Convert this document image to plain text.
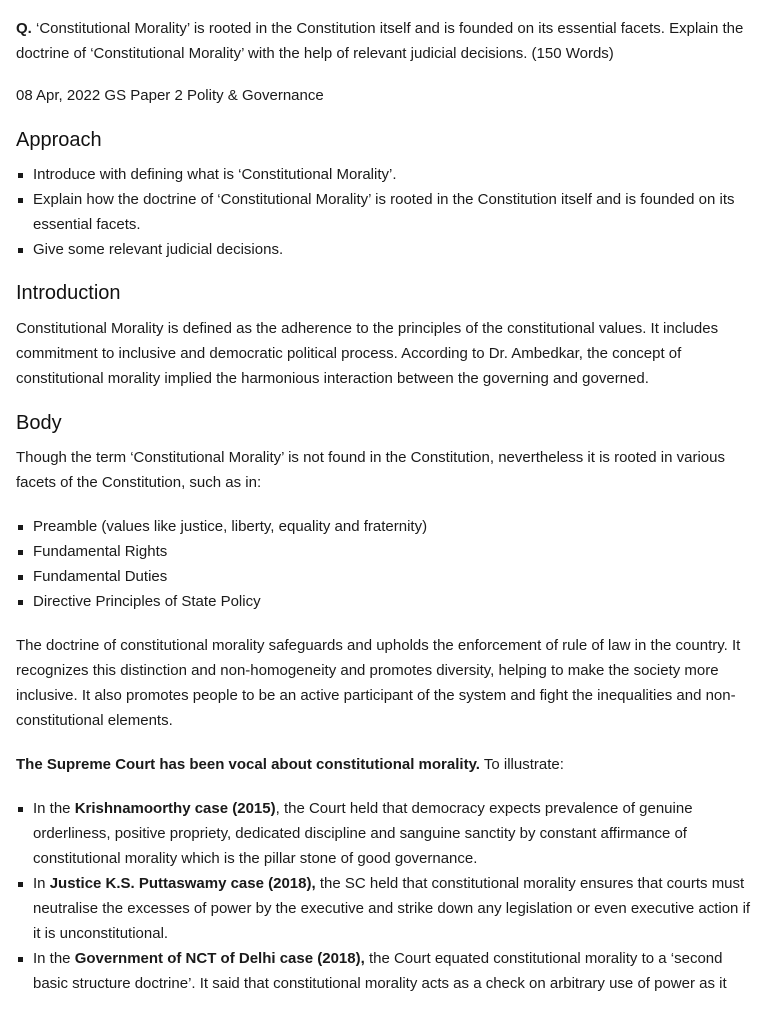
Q. ‘Constitutional Morality’ is rooted in the Constitution itself and is founded on its essential facets. Explain the doctrine of ‘Constitutional Morality’ with the help of relevant judicial decisions. (150 Words)

08 Apr, 2022 GS Paper 2 Polity & Governance

Approach
Introduce with defining what is ‘Constitutional Morality’.
Explain how the doctrine of ‘Constitutional Morality’ is rooted in the Constitution itself and is founded on its essential facets.
Give some relevant judicial decisions.
Introduction

Constitutional Morality is defined as the adherence to the principles of the constitutional values. It includes commitment to inclusive and democratic political process. According to Dr. Ambedkar, the concept of constitutional morality implied the harmonious interaction between the governing and governed.

Body

Though the term ‘Constitutional Morality’ is not found in the Constitution, nevertheless it is rooted in various facets of the Constitution, such as in:

Preamble (values like justice, liberty, equality and fraternity)
Fundamental Rights
Fundamental Duties
Directive Principles of State Policy

The doctrine of constitutional morality safeguards and upholds the enforcement of rule of law in the country. It recognizes this distinction and non-homogeneity and promotes diversity, helping to make the society more inclusive. It also promotes people to be an active participant of the system and fight the inequalities and non-constitutional elements.

The Supreme Court has been vocal about constitutional morality. To illustrate:

In the Krishnamoorthy case (2015), the Court held that democracy expects prevalence of genuine orderliness, positive propriety, dedicated discipline and sanguine sanctity by constant affirmance of constitutional morality which is the pillar stone of good governance.
In Justice K.S. Puttaswamy case (2018), the SC held that constitutional morality ensures that courts must neutralise the excesses of power by the executive and strike down any legislation or even executive action if it is unconstitutional.
In the Government of NCT of Delhi case (2018), the Court equated constitutional morality to a ‘second basic structure doctrine’. It said that constitutional morality acts as a check on arbitrary use of power as it
